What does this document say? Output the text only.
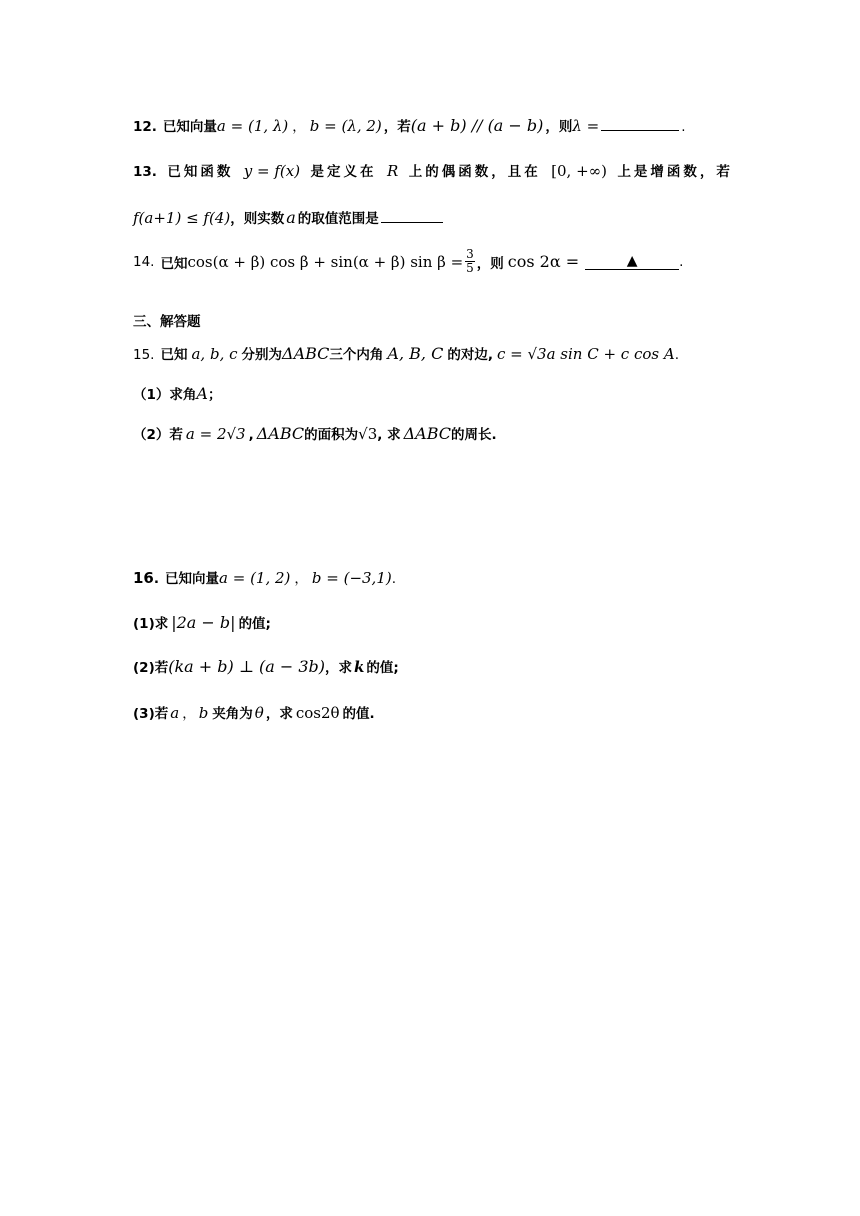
12. 已知向量 a = (1, λ) ， b = (λ, 2) ，若 (a + b) // (a − b) ，则 λ =	.
13. 已知函数 y = f(x) 是定义在 R 上的偶函数，且在 [0, +∞) 上是增函数，若
f(a+1) ≤ f(4) ，则实数 a 的取值范围是
14. 已知 cos(α + β) cos β + sin(α + β) $\sin \beta = \frac{3}{5}$ ，则 cos 2α =	▲	.
三、解答题
15. 已知 a, b, c 分别为 ΔABC 三个内角 A, B, C 的对边, c = √3a sin C + c cos A .
（1）求角 A ；
（2）若 a = 2√3 , ΔABC 的面积为 √3 , 求 ΔABC 的周长.
16 . 已知向量 a = (1, 2) ， b = (−3,1) .
(1)求 |2a − b| 的值;
(2)若 (ka + b) ⊥ (a − 3b) ，求 k 的值;
(3)若 a ， b 夹角为 θ ，求 cos2θ 的值.
